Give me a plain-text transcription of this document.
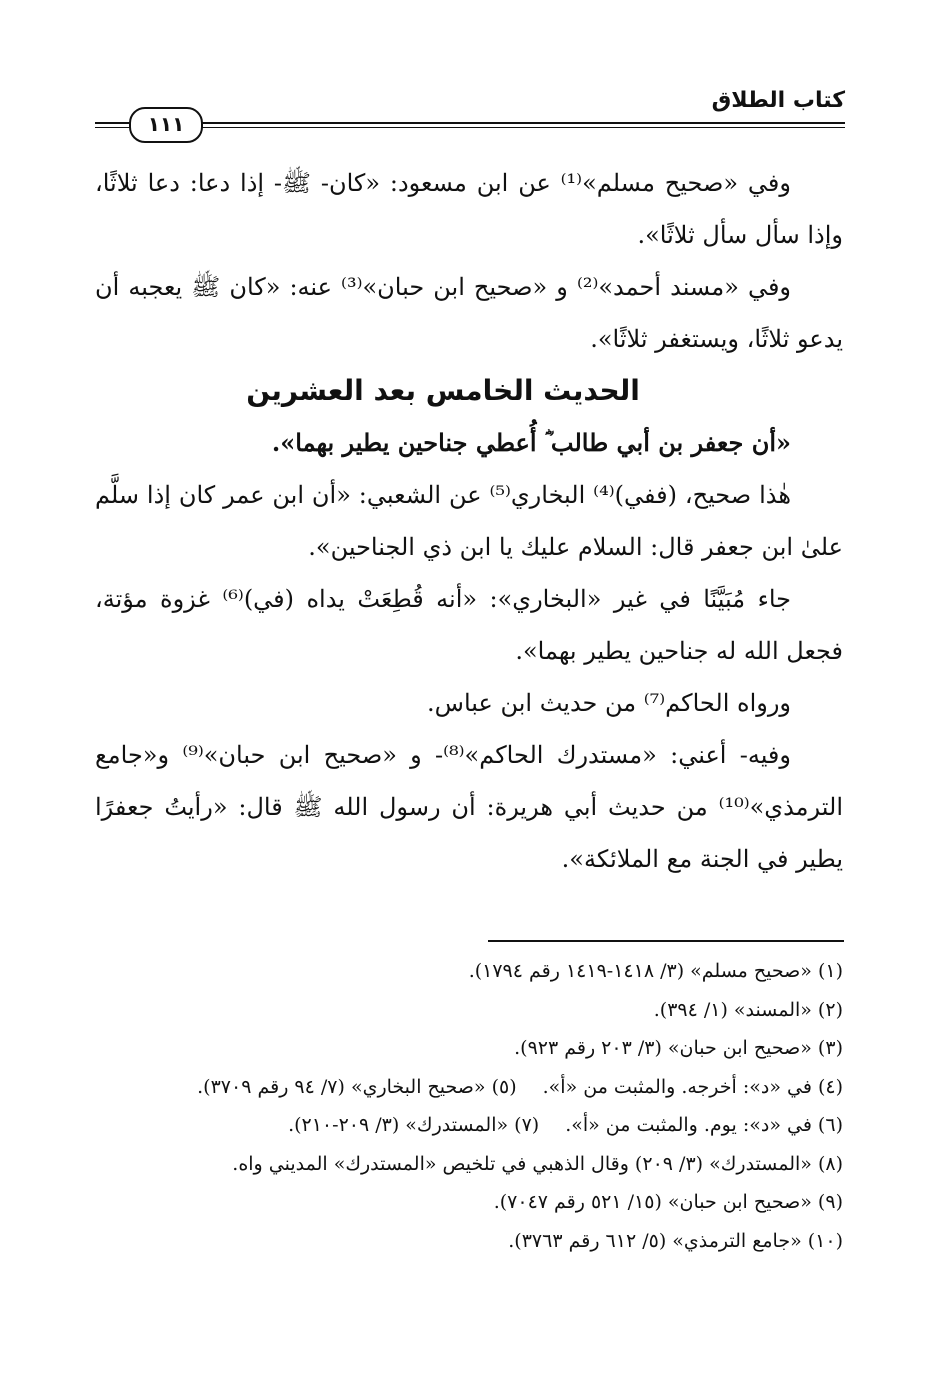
كتاب الطلاق
١١١

وفي «صحيح مسلم»⁽¹⁾ عن ابن مسعود: «كان- ﷺ- إذا دعا: دعا ثلاثًا، وإذا سأل سأل ثلاثًا».

وفي «مسند أحمد»⁽²⁾ و «صحيح ابن حبان»⁽³⁾ عنه: «كان ﷺ يعجبه أن يدعو ثلاثًا، ويستغفر ثلاثًا».

الحديث الخامس بعد العشرين

«أن جعفر بن أبي طالب ؓ أُعطي جناحين يطير بهما».

هٰذا صحيح، (ففي)⁽⁴⁾ البخاري⁽⁵⁾ عن الشعبي: «أن ابن عمر كان إذا سلَّم علىٰ ابن جعفر قال: السلام عليك يا ابن ذي الجناحين».

جاء مُبَيَّنًا في غير «البخاري»: «أنه قُطِعَتْ يداه (في)⁽⁶⁾ غزوة مؤتة، فجعل الله له جناحين يطير بهما».

ورواه الحاكم⁽⁷⁾ من حديث ابن عباس.

وفيه- أعني: «مستدرك الحاكم»⁽⁸⁾- و «صحيح ابن حبان»⁽⁹⁾ و«جامع الترمذي»⁽¹⁰⁾ من حديث أبي هريرة: أن رسول الله ﷺ قال: «رأيتُ جعفرًا يطير في الجنة مع الملائكة».

(١) «صحيح مسلم» (٣/ ١٤١٨-١٤١٩ رقم ١٧٩٤).

(٢) «المسند» (١/ ٣٩٤).

(٣) «صحيح ابن حبان» (٣/ ٢٠٣ رقم ٩٢٣).

(٤) في «د»: أخرجه. والمثبت من «أ».
(٥) «صحيح البخاري» (٧/ ٩٤ رقم ٣٧٠٩).
(٦) في «د»: يوم. والمثبت من «أ».
(٧) «المستدرك» (٣/ ٢٠٩-٢١٠).

(٨) «المستدرك» (٣/ ٢٠٩) وقال الذهبي في تلخيص «المستدرك» المديني واه.

(٩) «صحيح ابن حبان» (١٥/ ٥٢١ رقم ٧٠٤٧).

(١٠) «جامع الترمذي» (٥/ ٦١٢ رقم ٣٧٦٣).
